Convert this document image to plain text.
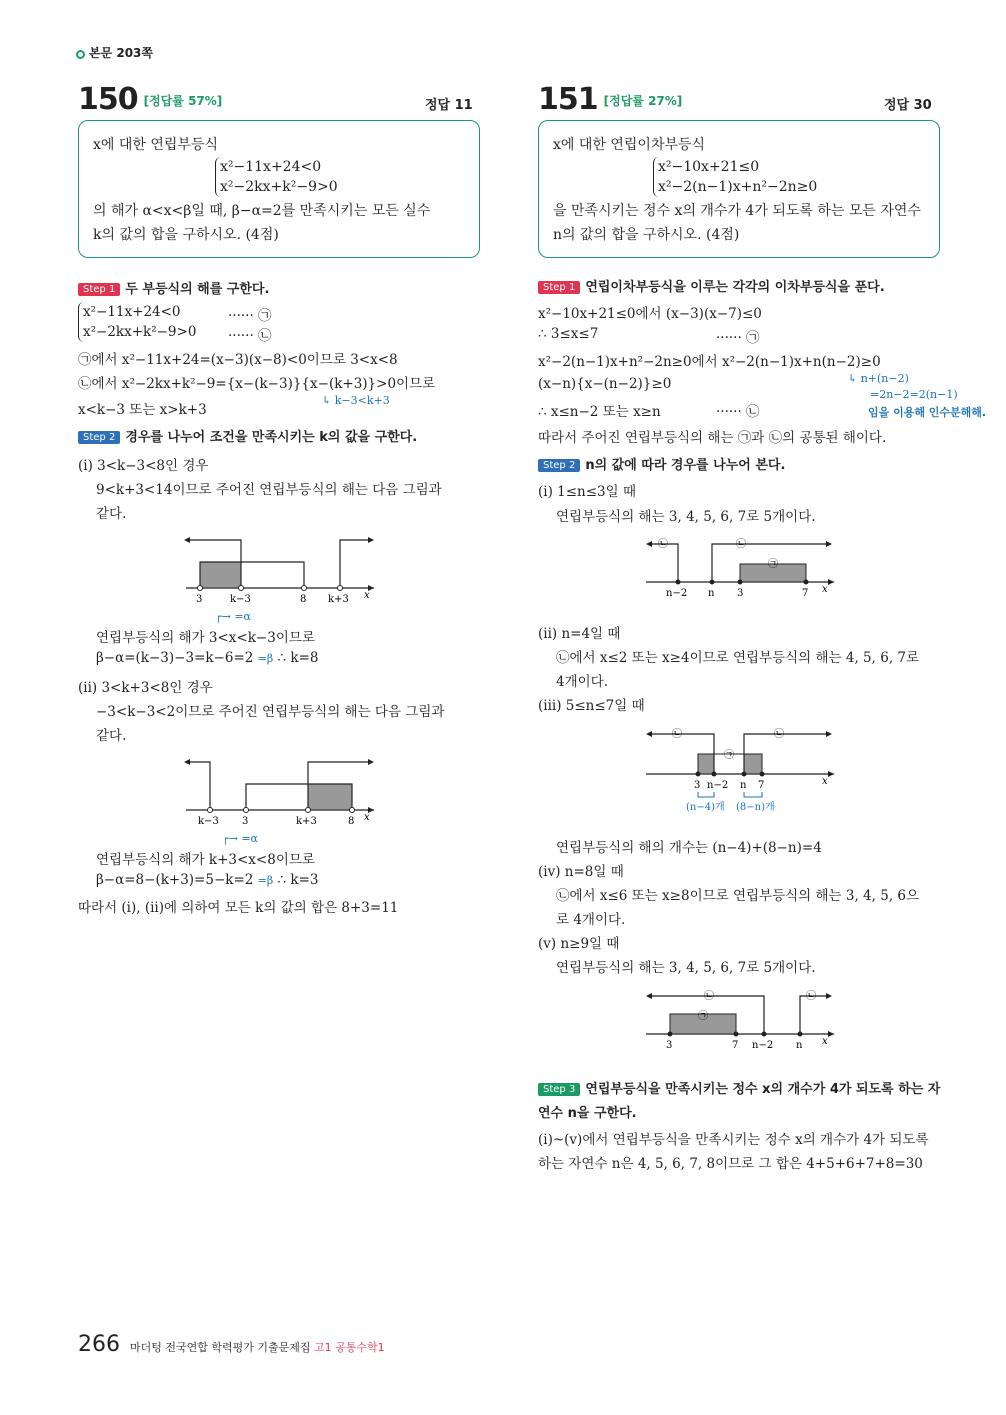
본문 203쪽
150 [정답률 57%]	정답 11
x에 대한 연립부등식
x²−11x+24<0
x²−2kx+k²−9>0
의 해가 α<x<β일 때, β−α=2를 만족시키는 모든 실수
k의 값의 합을 구하시오. (4점)
Step 1 두 부등식의 해를 구한다.
x²−11x+24<0
x²−2kx+k²−9>0
······ ㉠
······ ㉡
㉠에서 x²−11x+24=(x−3)(x−8)<0이므로 3<x<8
㉡에서 x²−2kx+k²−9={x−(k−3)}{x−(k+3)}>0이므로
↳ k−3<k+3
x<k−3 또는 x>k+3
Step 2 경우를 나누어 조건을 만족시키는 k의 값을 구한다.
(i) 3<k−3<8인 경우
9<k+3<14이므로 주어진 연립부등식의 해는 다음 그림과
같다.
3	k−3	8 k+3 x
┌→ =α
연립부등식의 해가 3<x<k−3이므로
β−α=(k−3)−3=k−6=2 =β ∴ k=8
(ii) 3<k+3<8인 경우
−3<k−3<2이므로 주어진 연립부등식의 해는 다음 그림과
같다.
k−3 3	k+3	8 x
┌→ =α
연립부등식의 해가 k+3<x<8이므로
β−α=8−(k+3)=5−k=2 =β ∴ k=3
따라서 (i), (ii)에 의하여 모든 k의 값의 합은 8+3=11
151 [정답률 27%]	정답 30
x에 대한 연립이차부등식
x²−10x+21≤0
x²−2(n−1)x+n²−2n≥0
을 만족시키는 정수 x의 개수가 4가 되도록 하는 모든 자연수
n의 값의 합을 구하시오. (4점)
Step 1 연립이차부등식을 이루는 각각의 이차부등식을 푼다.
x²−10x+21≤0에서 (x−3)(x−7)≤0
∴ 3≤x≤7	······ ㉠
x²−2(n−1)x+n²−2n≥0에서 x²−2(n−1)x+n(n−2)≥0
↳ n+(n−2)
(x−n){x−(n−2)}≥0
=2n−2=2(n−1)
임을 이용해 인수분해해.
∴ x≤n−2 또는 x≥n	······ ㉡
따라서 주어진 연립부등식의 해는 ㉠과 ㉡의 공통된 해이다.
Step 2 n의 값에 따라 경우를 나누어 본다.
(i) 1≤n≤3일 때
연립부등식의 해는 3, 4, 5, 6, 7로 5개이다.
n−2 n 3	7 x
㉡	㉡
㉠
(ii) n=4일 때
㉡에서 x≤2 또는 x≥4이므로 연립부등식의 해는 4, 5, 6, 7로
4개이다.
(iii) 5≤n≤7일 때
3 n−2 n 7	x
㉡	㉡
㉠
(n−4)개 (8−n)개
연립부등식의 해의 개수는 (n−4)+(8−n)=4
(iv) n=8일 때
㉡에서 x≤6 또는 x≥8이므로 연립부등식의 해는 3, 4, 5, 6으
로 4개이다.
(v) n≥9일 때
연립부등식의 해는 3, 4, 5, 6, 7로 5개이다.
3	7 n−2 n x
㉡	㉡
㉠
Step 3 연립부등식을 만족시키는 정수 x의 개수가 4가 되도록 하는 자
연수 n을 구한다.
(i)~(v)에서 연립부등식을 만족시키는 정수 x의 개수가 4가 되도록
하는 자연수 n은 4, 5, 6, 7, 8이므로 그 합은 4+5+6+7+8=30
266 마더텅 전국연합 학력평가 기출문제집 고1 공통수학1
